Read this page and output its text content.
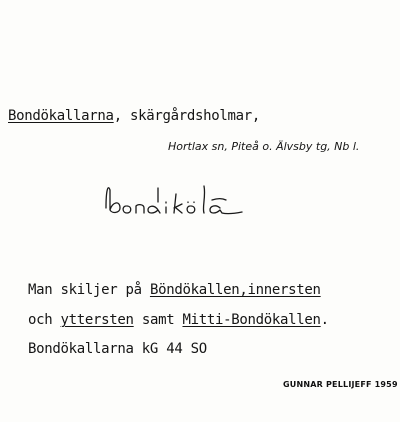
Bondökallarna, skärgårdsholmar,
Hortlax sn, Piteå o. Älvsby tg, Nb l.
Man skiljer på Böndökallen,innersten
och yttersten samt Mitti-Bondökallen.
Bondökallarna kG 44 SO
GUNNAR PELLIJEFF 1959
